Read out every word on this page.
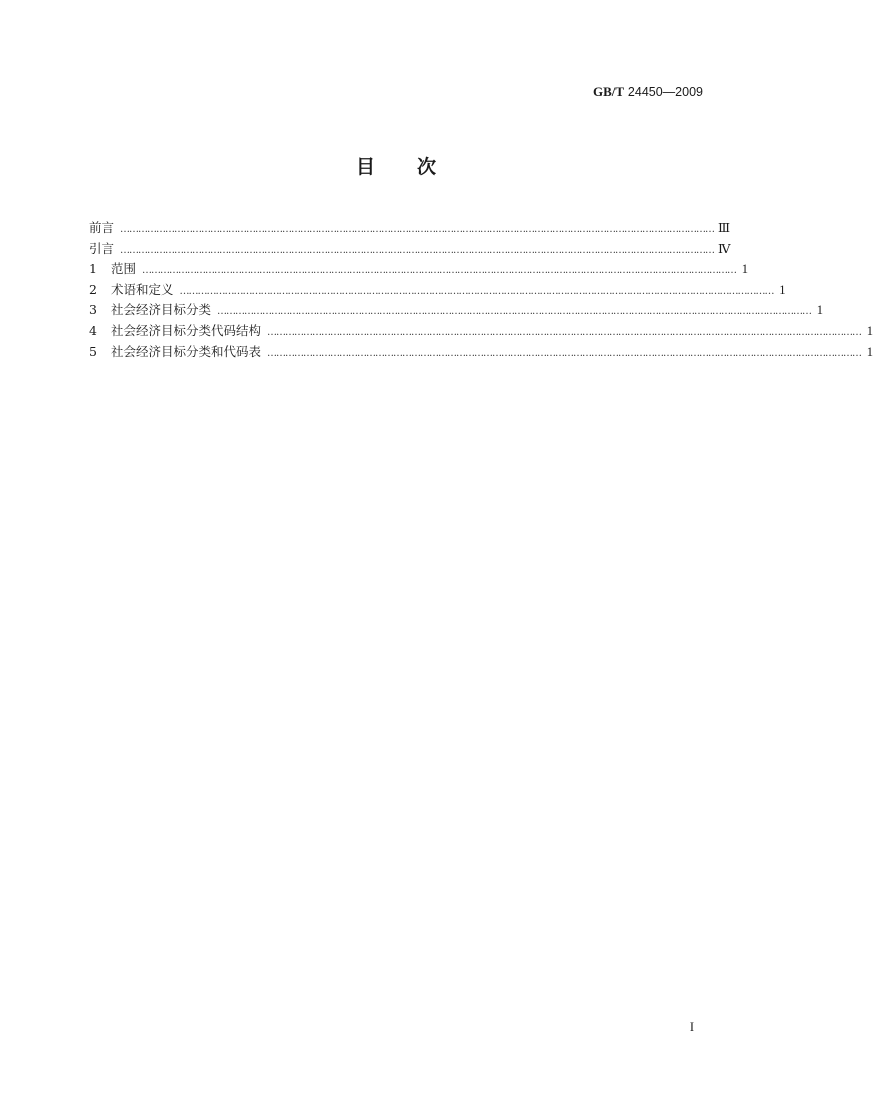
GB/T 24450—2009
目次
前言 ……………………………………………………………………………………………………………………………………………………………………………… Ⅲ
引言 ……………………………………………………………………………………………………………………………………………………………………………… Ⅳ
1 范围 ……………………………………………………………………………………………………………………………………………………………………………… 1
2 术语和定义 ……………………………………………………………………………………………………………………………………………………………………………… 1
3 社会经济目标分类 ……………………………………………………………………………………………………………………………………………………………………………… 1
4 社会经济目标分类代码结构 ……………………………………………………………………………………………………………………………………………………………………………… 1
5 社会经济目标分类和代码表 ……………………………………………………………………………………………………………………………………………………………………………… 1
I
